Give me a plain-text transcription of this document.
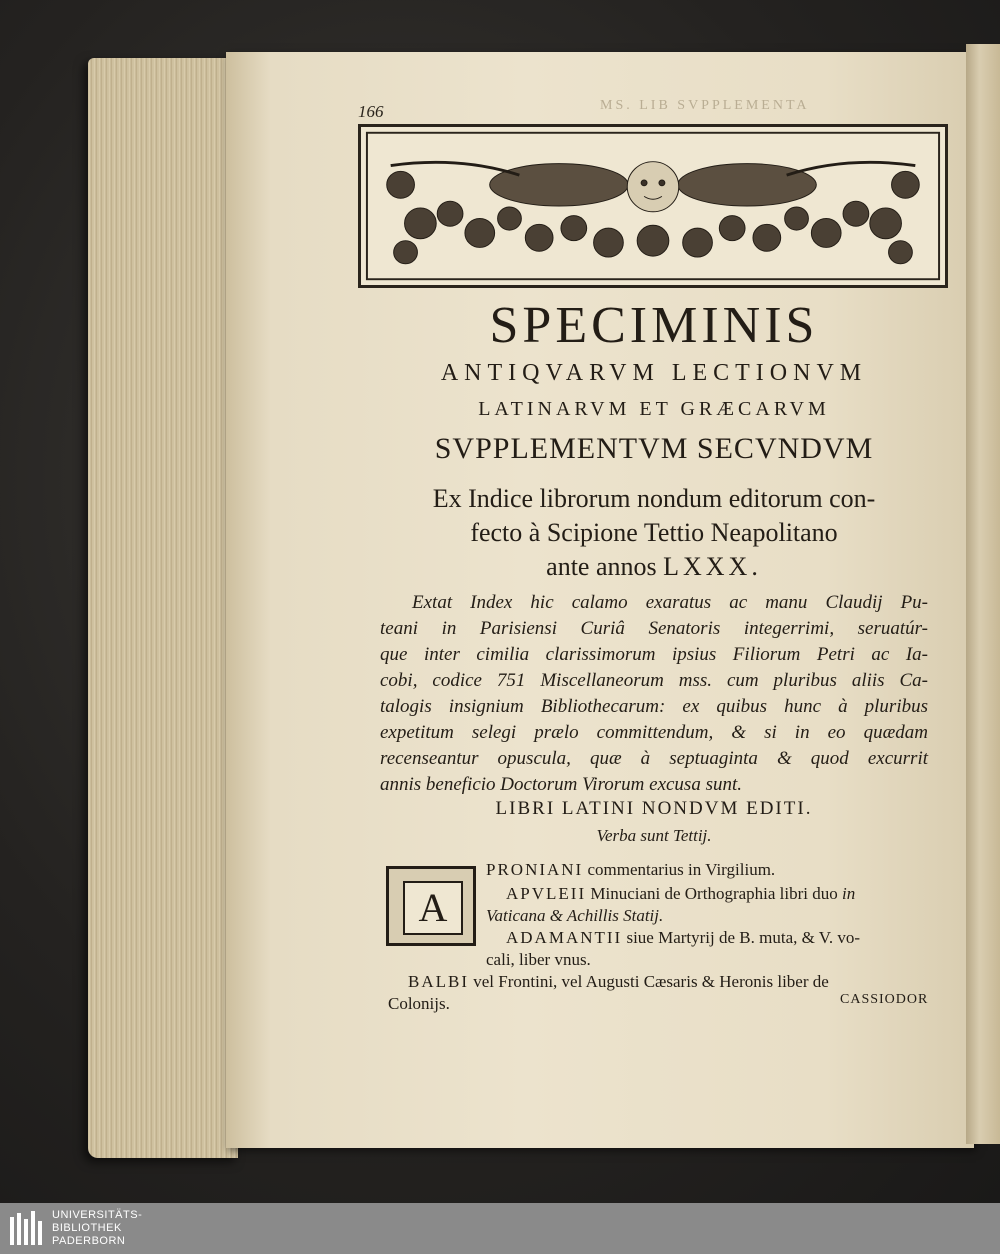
166	MS. LIB SVPPLEMENTA
SPECIMINIS
ANTIQVARVM LECTIONVM
LATINARVM ET GRÆCARVM
SVPPLEMENTVM SECVNDVM
Ex Indice librorum nondum editorum con-
fecto à Scipione Tettio Neapolitano
ante annos LXXX.
Extat Index hic calamo exaratus ac manu Claudij Pu-
teani in Parisiensi Curiâ Senatoris integerrimi, seruatúr-
que inter cimilia clarissimorum ipsius Filiorum Petri ac Ia-
cobi, codice 751 Miscellaneorum mss. cum pluribus aliis Ca-
talogis insignium Bibliothecarum: ex quibus hunc à pluribus
expetitum selegi prælo committendum, & si in eo quædam
recenseantur opuscula, quæ à septuaginta & quod excurrit
annis beneficio Doctorum Virorum excusa sunt.
LIBRI LATINI NONDVM EDITI.
Verba sunt Tettij.
A
PRONIANI commentarius in Virgilium.
APVLEII Minuciani de Orthographia libri duo in
Vaticana & Achillis Statij.
ADAMANTII siue Martyrij de B. muta, & V. vo-
cali, liber vnus.
BALBI vel Frontini, vel Augusti Cæsaris & Heronis liber de
Colonijs.	CASSIODOR
UNIVERSITÄTS-
BIBLIOTHEK
PADERBORN
